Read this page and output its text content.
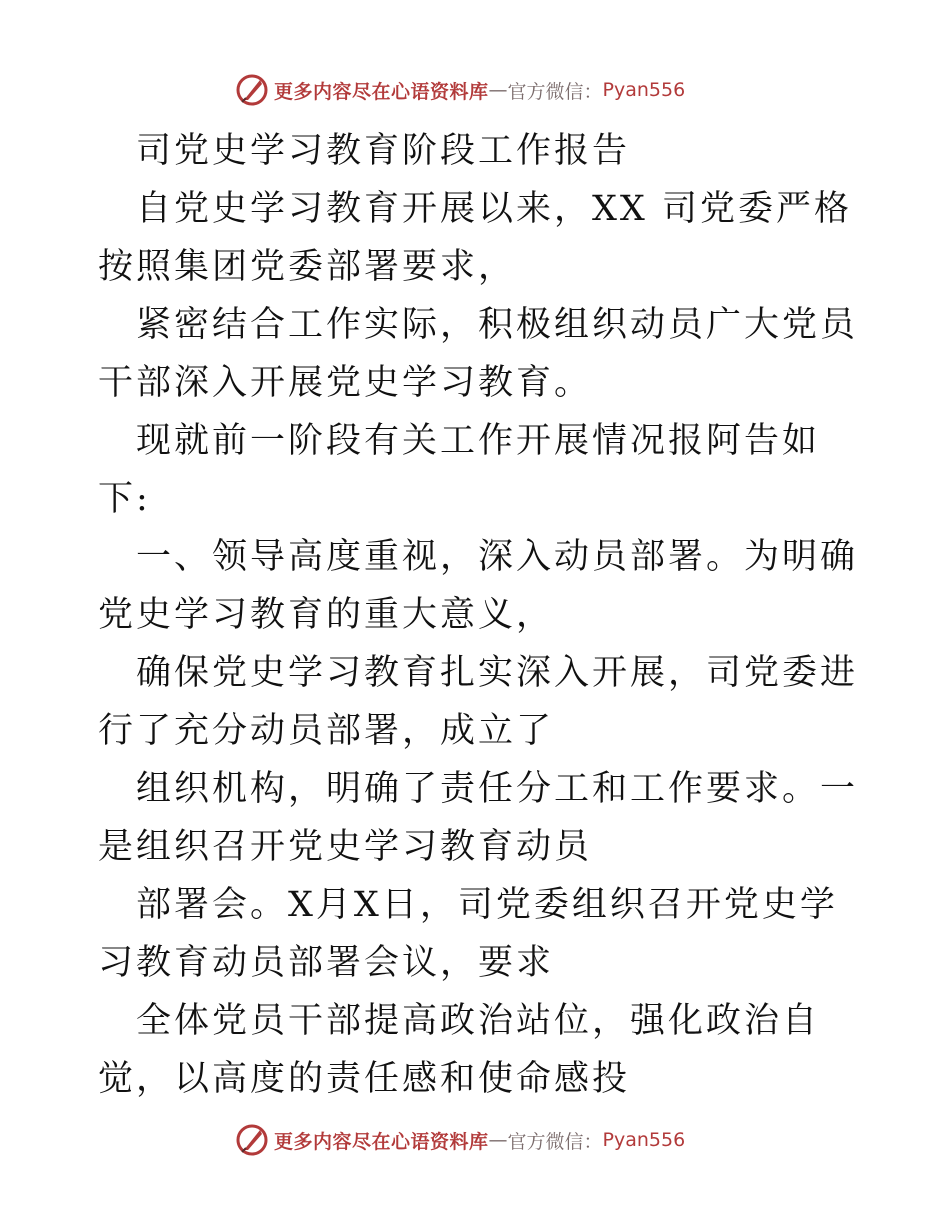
更多内容尽在心语资料库 — 官方微信： Pyan556

司党史学习教育阶段工作报告

自党史学习教育开展以来，XX 司党委严格按照集团党委部署要求，

紧密结合工作实际，积极组织动员广大党员干部深入开展党史学习教育。

现就前一阶段有关工作开展情况报阿告如下:

一、领导高度重视，深入动员部署。为明确党史学习教育的重大意义，

确保党史学习教育扎实深入开展，司党委进行了充分动员部署，成立了

组织机构，明确了责任分工和工作要求。一是组织召开党史学习教育动员

部署会。X月X日，司党委组织召开党史学习教育动员部署会议，要求

全体党员干部提高政治站位，强化政治自觉，以高度的责任感和使命感投

更多内容尽在心语资料库 — 官方微信： Pyan556
